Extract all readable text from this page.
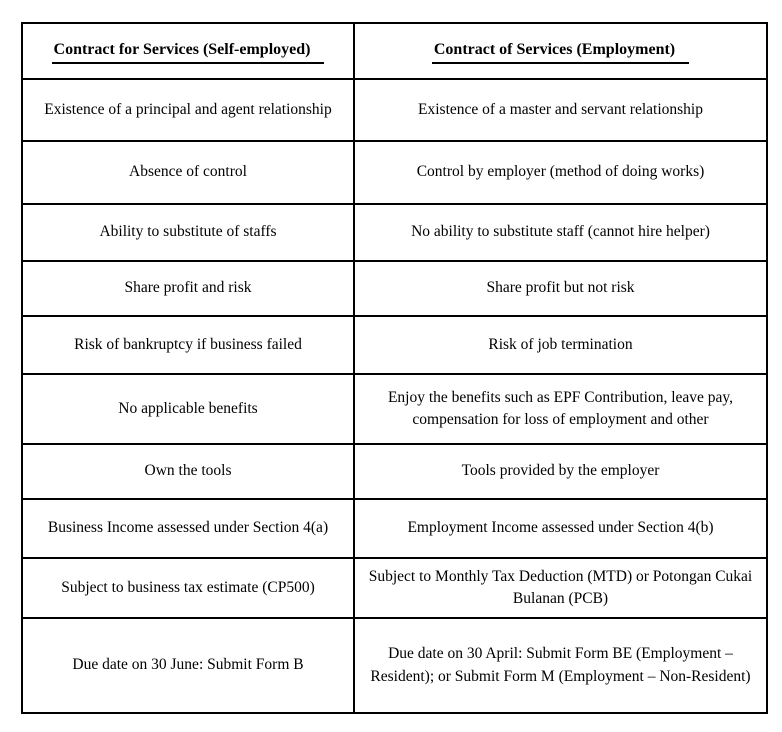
Contract for Services (Self-employed)	Contract of Services (Employment)
Existence of a principal and agent relationship	Existence of a master and servant relationship
Absence of control	Control by employer (method of doing works)
Ability to substitute of staffs	No ability to substitute staff (cannot hire helper)
Share profit and risk	Share profit but not risk
Risk of bankruptcy if business failed	Risk of job termination
No applicable benefits	Enjoy the benefits such as EPF Contribution, leave pay, compensation for loss of employment and other
Own the tools	Tools provided by the employer
Business Income assessed under Section 4(a)	Employment Income assessed under Section 4(b)
Subject to business tax estimate (CP500)	Subject to Monthly Tax Deduction (MTD) or Potongan Cukai Bulanan (PCB)
Due date on 30 June: Submit Form B	Due date on 30 April: Submit Form BE (Employment – Resident); or Submit Form M (Employment – Non-Resident)
